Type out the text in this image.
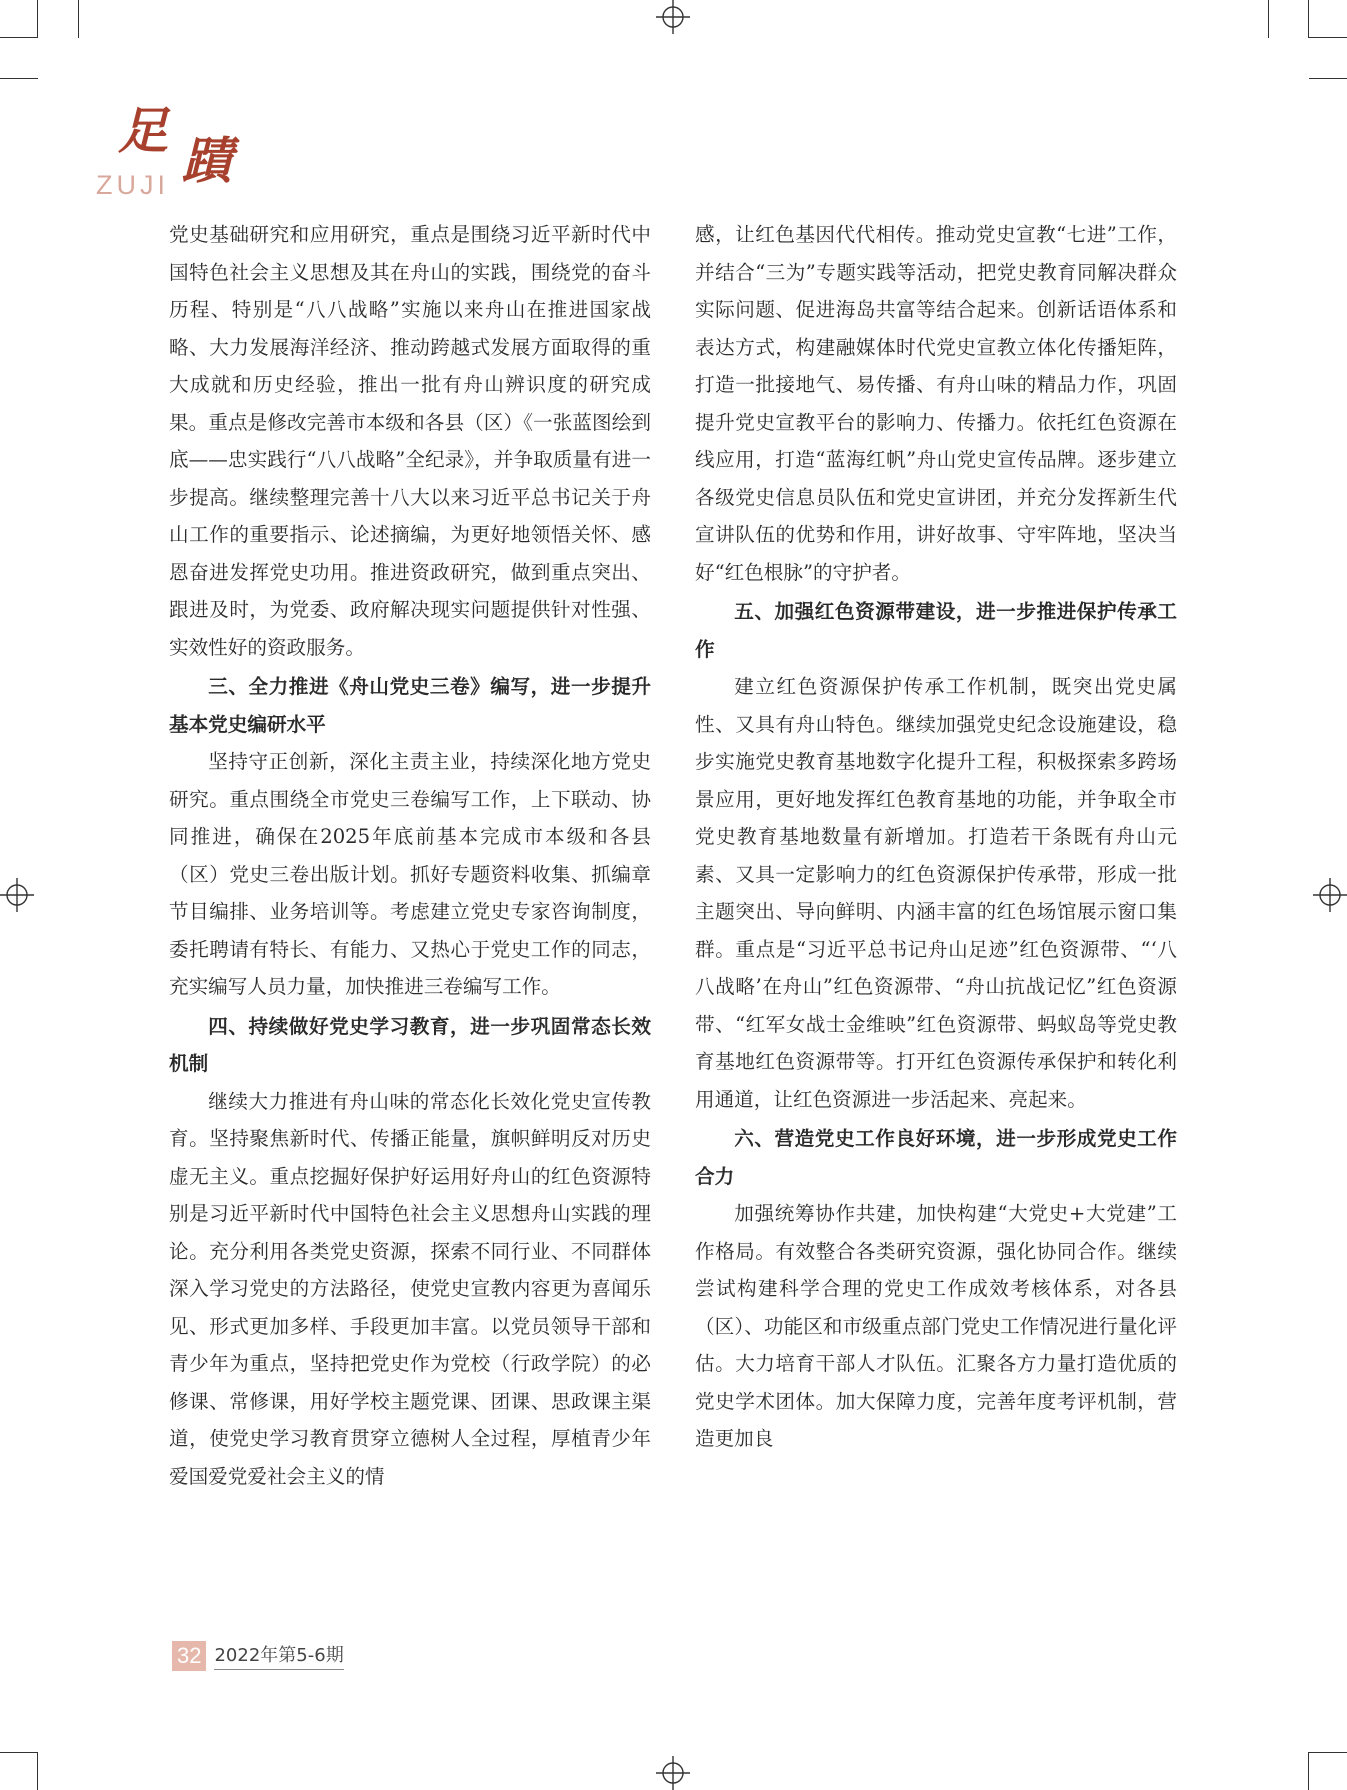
足
蹟
ZUJI

党史基础研究和应用研究，重点是围绕习近平新时代中国特色社会主义思想及其在舟山的实践，围绕党的奋斗历程、特别是“八八战略”实施以来舟山在推进国家战略、大力发展海洋经济、推动跨越式发展方面取得的重大成就和历史经验，推出一批有舟山辨识度的研究成果。重点是修改完善市本级和各县（区）《一张蓝图绘到底——忠实践行“八八战略”全纪录》，并争取质量有进一步提高。继续整理完善十八大以来习近平总书记关于舟山工作的重要指示、论述摘编，为更好地领悟关怀、感恩奋进发挥党史功用。推进资政研究，做到重点突出、跟进及时，为党委、政府解决现实问题提供针对性强、实效性好的资政服务。

三、全力推进《舟山党史三卷》编写，进一步提升基本党史编研水平

坚持守正创新，深化主责主业，持续深化地方党史研究。重点围绕全市党史三卷编写工作，上下联动、协同推进，确保在2025年底前基本完成市本级和各县（区）党史三卷出版计划。抓好专题资料收集、抓编章节目编排、业务培训等。考虑建立党史专家咨询制度，委托聘请有特长、有能力、又热心于党史工作的同志，充实编写人员力量，加快推进三卷编写工作。

四、持续做好党史学习教育，进一步巩固常态长效机制

继续大力推进有舟山味的常态化长效化党史宣传教育。坚持聚焦新时代、传播正能量，旗帜鲜明反对历史虚无主义。重点挖掘好保护好运用好舟山的红色资源特别是习近平新时代中国特色社会主义思想舟山实践的理论。充分利用各类党史资源，探索不同行业、不同群体深入学习党史的方法路径，使党史宣教内容更为喜闻乐见、形式更加多样、手段更加丰富。以党员领导干部和青少年为重点，坚持把党史作为党校（行政学院）的必修课、常修课，用好学校主题党课、团课、思政课主渠道，使党史学习教育贯穿立德树人全过程，厚植青少年爱国爱党爱社会主义的情

感，让红色基因代代相传。推动党史宣教“七进”工作，并结合“三为”专题实践等活动，把党史教育同解决群众实际问题、促进海岛共富等结合起来。创新话语体系和表达方式，构建融媒体时代党史宣教立体化传播矩阵，打造一批接地气、易传播、有舟山味的精品力作，巩固提升党史宣教平台的影响力、传播力。依托红色资源在线应用，打造“蓝海红帆”舟山党史宣传品牌。逐步建立各级党史信息员队伍和党史宣讲团，并充分发挥新生代宣讲队伍的优势和作用，讲好故事、守牢阵地，坚决当好“红色根脉”的守护者。

五、加强红色资源带建设，进一步推进保护传承工作

建立红色资源保护传承工作机制，既突出党史属性、又具有舟山特色。继续加强党史纪念设施建设，稳步实施党史教育基地数字化提升工程，积极探索多跨场景应用，更好地发挥红色教育基地的功能，并争取全市党史教育基地数量有新增加。打造若干条既有舟山元素、又具一定影响力的红色资源保护传承带，形成一批主题突出、导向鲜明、内涵丰富的红色场馆展示窗口集群。重点是“习近平总书记舟山足迹”红色资源带、“‘八八战略’在舟山”红色资源带、“舟山抗战记忆”红色资源带、“红军女战士金维映”红色资源带、蚂蚁岛等党史教育基地红色资源带等。打开红色资源传承保护和转化利用通道，让红色资源进一步活起来、亮起来。

六、营造党史工作良好环境，进一步形成党史工作合力

加强统筹协作共建，加快构建“大党史+大党建”工作格局。有效整合各类研究资源，强化协同合作。继续尝试构建科学合理的党史工作成效考核体系，对各县（区）、功能区和市级重点部门党史工作情况进行量化评估。大力培育干部人才队伍。汇聚各方力量打造优质的党史学术团体。加大保障力度，完善年度考评机制，营造更加良

32 2022年第5-6期
